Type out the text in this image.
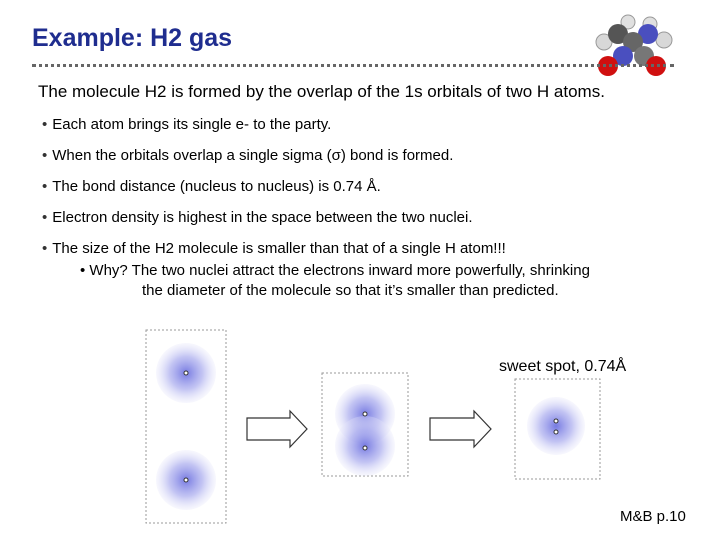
Example: H2 gas

The molecule H2 is formed by the overlap of the 1s orbitals of two H atoms.

• Each atom brings its single e- to the party.
• When the orbitals overlap a single sigma (σ) bond is formed.
• The bond distance (nucleus to nucleus) is 0.74 Å.
• Electron density is highest in the space between the two nuclei.
• The size of the H2 molecule is smaller than that of a single H atom!!!

• Why? The two nuclei attract the electrons inward more powerfully, shrinking
the diameter of the molecule so that it’s smaller than predicted.

sweet spot, 0.74Å

M&B p.10
